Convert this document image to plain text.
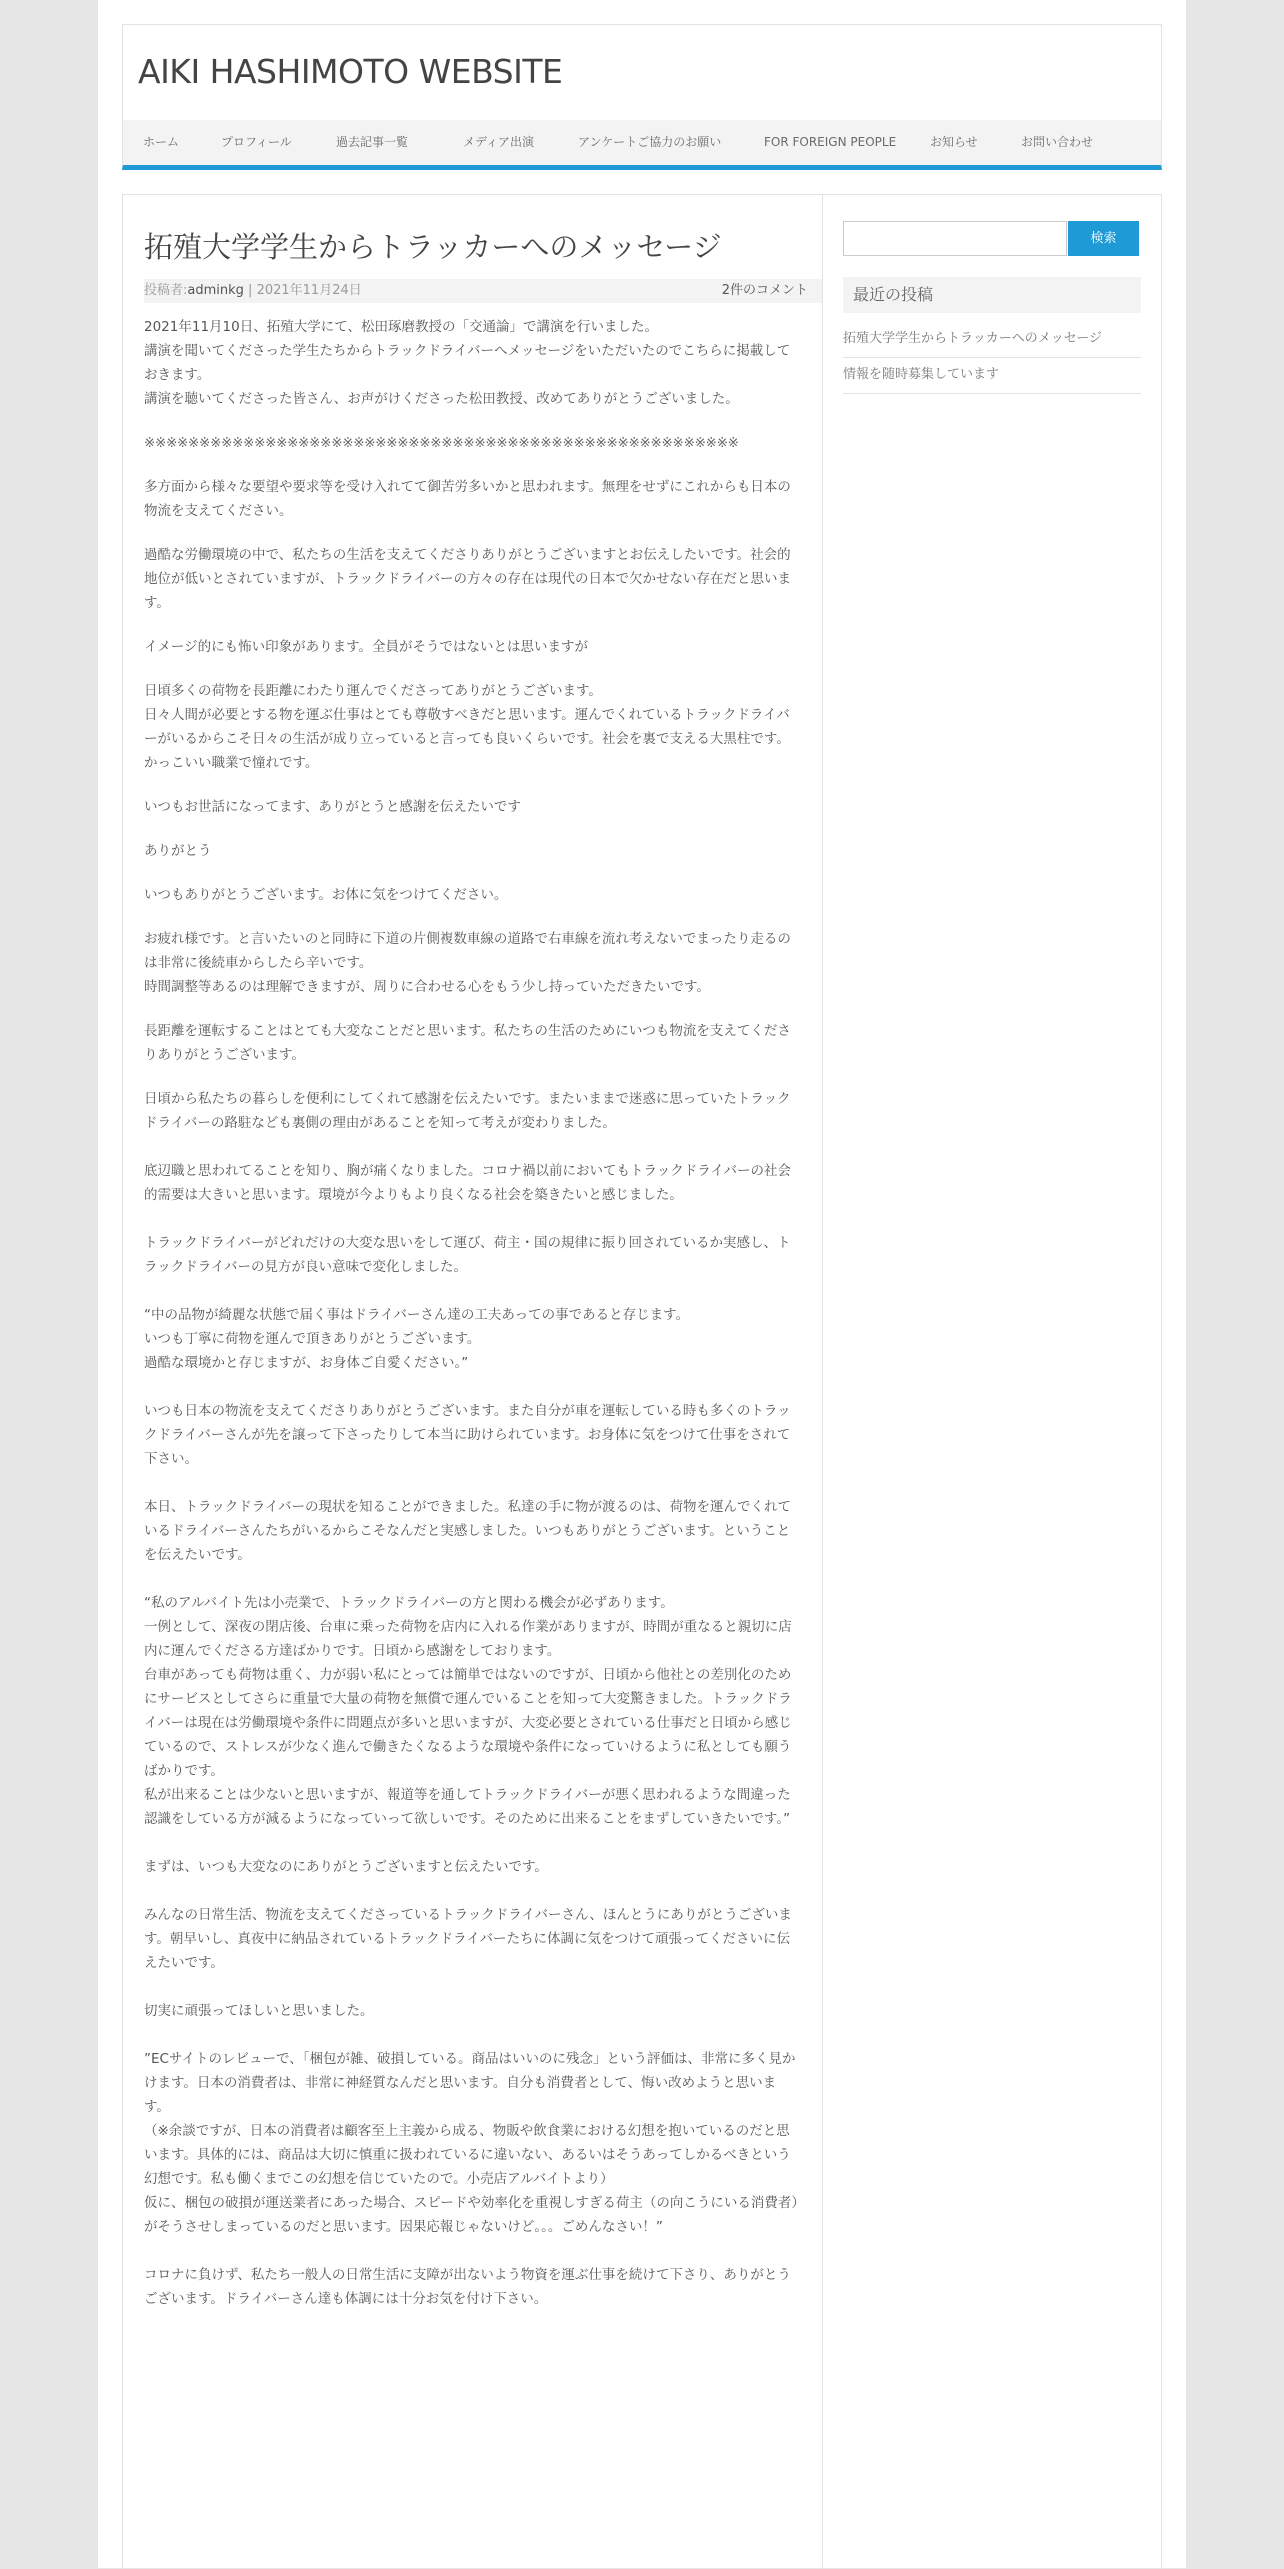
AIKI HASHIMOTO WEBSITE
ホーム	プロフィール	過去記事一覧	メディア出演	アンケートご協力のお願い	FOR FOREIGN PEOPLE	お知らせ	お問い合わせ
拓殖大学学生からトラッカーへのメッセージ
投稿者:adminkg | 2021年11月24日	2件のコメント

2021年11月10日、拓殖大学にて、松田琢磨教授の「交通論」で講演を行いました。
講演を聞いてくださった学生たちからトラックドライバーへメッセージをいただいたのでこちらに掲載しておきます。
講演を聴いてくださった皆さん、お声がけくださった松田教授、改めてありがとうございました。

※※※※※※※※※※※※※※※※※※※※※※※※※※※※※※※※※※※※※※※※※※※※※※※※※※※※※※

多方面から様々な要望や要求等を受け入れてて御苦労多いかと思われます。無理をせずにこれからも日本の物流を支えてください。

過酷な労働環境の中で、私たちの生活を支えてくださりありがとうございますとお伝えしたいです。社会的地位が低いとされていますが、トラックドライバーの方々の存在は現代の日本で欠かせない存在だと思います。

イメージ的にも怖い印象があります。全員がそうではないとは思いますが

日頃多くの荷物を長距離にわたり運んでくださってありがとうございます。
日々人間が必要とする物を運ぶ仕事はとても尊敬すべきだと思います。運んでくれているトラックドライバーがいるからこそ日々の生活が成り立っていると言っても良いくらいです。社会を裏で支える大黒柱です。かっこいい職業で憧れです。

いつもお世話になってます、ありがとうと感謝を伝えたいです

ありがとう

いつもありがとうございます。お体に気をつけてください。

お疲れ様です。と言いたいのと同時に下道の片側複数車線の道路で右車線を流れ考えないでまったり走るのは非常に後続車からしたら辛いです。
時間調整等あるのは理解できますが、周りに合わせる心をもう少し持っていただきたいです。

長距離を運転することはとても大変なことだと思います。私たちの生活のためにいつも物流を支えてくださりありがとうございます。

日頃から私たちの暮らしを便利にしてくれて感謝を伝えたいです。またいままで迷惑に思っていたトラックドライバーの路駐なども裏側の理由があることを知って考えが変わりました。

底辺職と思われてることを知り、胸が痛くなりました。コロナ禍以前においてもトラックドライバーの社会的需要は大きいと思います。環境が今よりもより良くなる社会を築きたいと感じました。

トラックドライバーがどれだけの大変な思いをして運び、荷主・国の規律に振り回されているか実感し、トラックドライバーの見方が良い意味で変化しました。

“中の品物が綺麗な状態で届く事はドライバーさん達の工夫あっての事であると存じます。
いつも丁寧に荷物を運んで頂きありがとうございます。
過酷な環境かと存じますが、お身体ご自愛ください。”

いつも日本の物流を支えてくださりありがとうございます。また自分が車を運転している時も多くのトラックドライバーさんが先を譲って下さったりして本当に助けられています。お身体に気をつけて仕事をされて下さい。

本日、トラックドライバーの現状を知ることができました。私達の手に物が渡るのは、荷物を運んでくれているドライバーさんたちがいるからこそなんだと実感しました。いつもありがとうございます。ということを伝えたいです。

“私のアルバイト先は小売業で、トラックドライバーの方と関わる機会が必ずあります。
一例として、深夜の閉店後、台車に乗った荷物を店内に入れる作業がありますが、時間が重なると親切に店内に運んでくださる方達ばかりです。日頃から感謝をしております。
台車があっても荷物は重く、力が弱い私にとっては簡単ではないのですが、日頃から他社との差別化のためにサービスとしてさらに重量で大量の荷物を無償で運んでいることを知って大変驚きました。トラックドライバーは現在は労働環境や条件に問題点が多いと思いますが、大変必要とされている仕事だと日頃から感じているので、ストレスが少なく進んで働きたくなるような環境や条件になっていけるように私としても願うばかりです。
私が出来ることは少ないと思いますが、報道等を通してトラックドライバーが悪く思われるような間違った認識をしている方が減るようになっていって欲しいです。そのために出来ることをまずしていきたいです。”

まずは、いつも大変なのにありがとうございますと伝えたいです。

みんなの日常生活、物流を支えてくださっているトラックドライバーさん、ほんとうにありがとうございます。朝早いし、真夜中に納品されているトラックドライバーたちに体調に気をつけて頑張ってくださいに伝えたいです。

切実に頑張ってほしいと思いました。

”ECサイトのレビューで、「梱包が雑、破損している。商品はいいのに残念」という評価は、非常に多く見かけます。日本の消費者は、非常に神経質なんだと思います。自分も消費者として、悔い改めようと思います。
（※余談ですが、日本の消費者は顧客至上主義から成る、物販や飲食業における幻想を抱いているのだと思います。具体的には、商品は大切に慎重に扱われているに違いない、あるいはそうあってしかるべきという幻想です。私も働くまでこの幻想を信じていたので。小売店アルバイトより）
仮に、梱包の破損が運送業者にあった場合、スピードや効率化を重視しすぎる荷主（の向こうにいる消費者）がそうさせしまっているのだと思います。因果応報じゃないけど。。。ごめんなさい！”

コロナに負けず、私たち一般人の日常生活に支障が出ないよう物資を運ぶ仕事を続けて下さり、ありがとうございます。ドライバーさん達も体調には十分お気を付け下さい。

検索
最近の投稿
拓殖大学学生からトラッカーへのメッセージ
情報を随時募集しています
